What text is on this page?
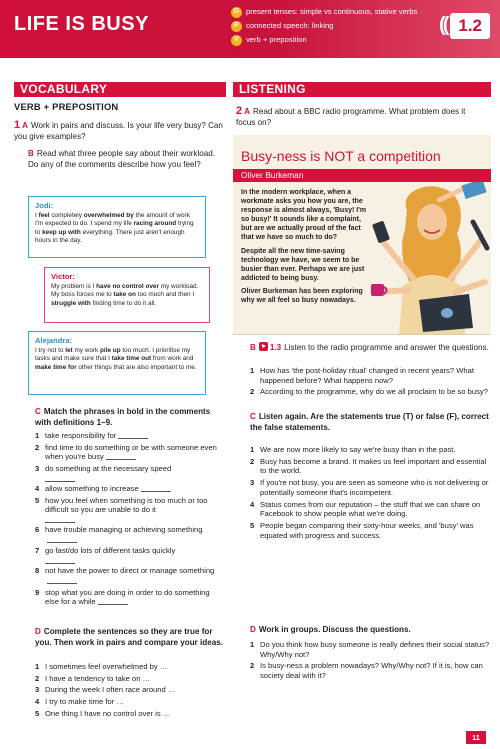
LIFE IS BUSY
G present tenses: simple vs continuous, stative verbs
P connected speech: linking
V verb + preposition
(( 1.2
VOCABULARY
VERB + PREPOSITION
1 A Work in pairs and discuss. Is your life very busy? Can you give examples?
B Read what three people say about their workload. Do any of the comments describe how you feel?
Jodi:
I feel completely overwhelmed by the amount of work I'm expected to do. I spend my life racing around trying to keep up with everything. There just aren't enough hours in the day.
Victor:
My problem is I have no control over my workload. My boss forces me to take on too much and then I struggle with finding time to do it all.
Alejandra:
I try not to let my work pile up too much. I prioritise my tasks and make sure that I take time out from work and make time for other things that are also important to me.
C Match the phrases in bold in the comments with definitions 1–9.
1 take responsibility for
2 find time to do something or be with someone even when you're busy
3 do something at the necessary speed
4 allow something to increase
5 how you feel when something is too much or too difficult so you are unable to do it
6 have trouble managing or achieving something
7 go fast/do lots of different tasks quickly
8 not have the power to direct or manage something
9 stop what you are doing in order to do something else for a while
D Complete the sentences so they are true for you. Then work in pairs and compare your ideas.
1 I sometimes feel overwhelmed by …
2 I have a tendency to take on …
3 During the week I often race around …
4 I try to make time for …
5 One thing I have no control over is …
LISTENING
2 A Read about a BBC radio programme. What problem does it focus on?
Busy-ness is NOT a competition
Oliver Burkeman

In the modern workplace, when a workmate asks you how you are, the response is almost always, 'Busy! I'm so busy!' It sounds like a complaint, but are we actually proud of the fact that we have so much to do?

Despite all the new time-saving technology we have, we seem to be busier than ever. Perhaps we are just addicted to being busy.

Oliver Burkeman has been exploring why we all feel so busy nowadays.

B 1.3 Listen to the radio programme and answer the questions.
1 How has 'the post-holiday ritual' changed in recent years? What happened before? What happens now?
2 According to the programme, why do we all proclaim to be so busy?
C Listen again. Are the statements true (T) or false (F), correct the false statements.
1 We are now more likely to say we're busy than in the past.
2 Busy has become a brand. It makes us feel important and essential to the world.
3 If you're not busy, you are seen as someone who is not delivering or potentially someone that's incompetent.
4 Status comes from our reputation – the stuff that we can share on Facebook to show people what we're doing.
5 People began comparing their sixty-hour weeks, and 'busy' was equated with progress and success.
D Work in groups. Discuss the questions.
1 Do you think how busy someone is really defines their social status? Why/Why not?
2 Is busy-ness a problem nowadays? Why/Why not? If it is, how can society deal with it?
11
